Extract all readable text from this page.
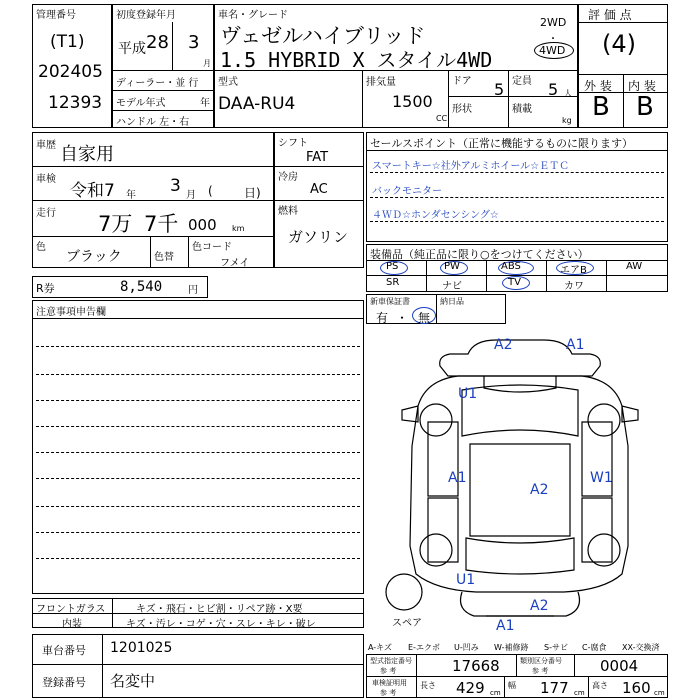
管理番号
(T1)
202405
12393
初度登録年月
平成 28 3
月
ディーラー・並 行
モデル年式	年
ハンドル 左・右
車名・グレード
ヴェゼルハイブリッド
1.5 HYBRID X スタイル4WD
2WD
・
4WD
型式
DAA-RU4
排気量
1500
CC
ドア 5 定員 5 人
形状	積載
kg
評 価 点
(4)
外 装 内 装
B B
車歴 自家用
車検
令和7 年 3 月 (	日)
走行 7万 7千 000 km
色
ブラック	色替
色コード
フメイ
シフト
FAT
冷房
AC
燃料
ガソリン
R券	8,540	円
セールスポイント（正常に機能するものに限ります）
スマートキー☆社外アルミホイール☆ＥＴＣ
バックモニター
４ＷＤ☆ホンダセンシング☆
装備品（純正品に限り○をつけてください）
PS	PW	ABS	エアB	AW
SR	ナビ	TV	カワ
新車保証書
有 ・ 無
納日品
注意事項申告欄
A2	A1
U1
A1
A2
W1
U1
A2
A1
スペア
A-キズ E-エクボ U-凹み W-補修跡 S-サビ C-腐食 XX-交換済
フロントガラス	キズ・飛石・ヒビ割・リペア跡・X要
内装	キズ・汚レ・コゲ・穴・スレ・キレ・破レ
車台番号 1201025
登録番号 名変中
型式指定番号
参 考	17668	類別区分番号
参 考	0004
車検証明用
参 考
長さ 429 cm
幅 177 cm
高さ 160 cm
